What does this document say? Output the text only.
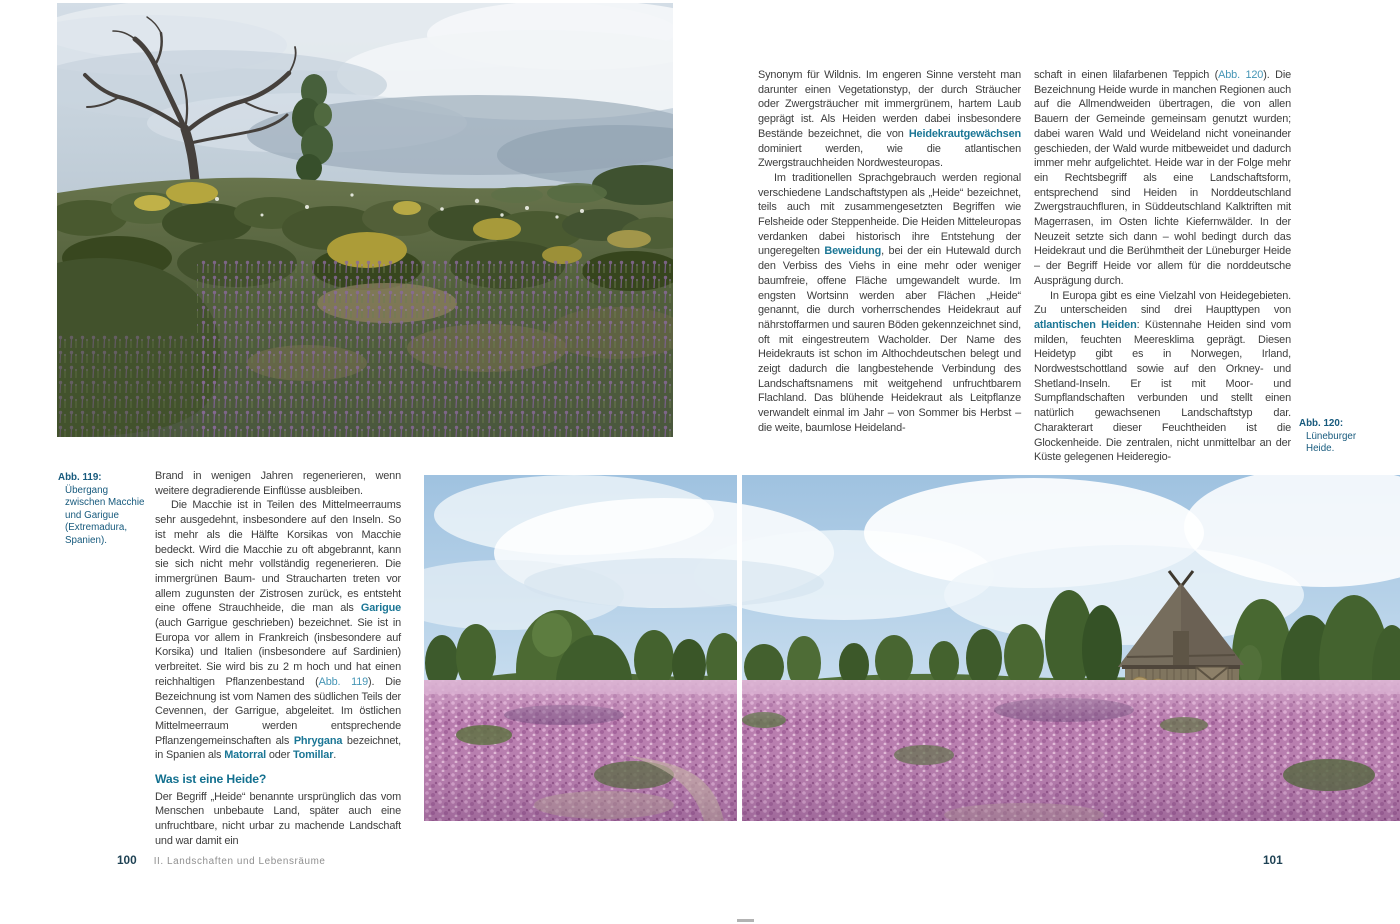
Abb. 119: Übergang zwischen Macchie und Garigue (Extremadura, Spanien).

Brand in wenigen Jahren regenerieren, wenn weitere degradierende Einflüsse ausbleiben.

Die Macchie ist in Teilen des Mittelmeerraums sehr ausgedehnt, insbesondere auf den Inseln. So ist mehr als die Hälfte Korsikas von Macchie bedeckt. Wird die Macchie zu oft abgebrannt, kann sie sich nicht mehr vollständig regenerieren. Die immergrünen Baum- und Straucharten treten vor allem zugunsten der Zistrosen zurück, es entsteht eine offene Strauchheide, die man als Garigue (auch Garrigue geschrieben) bezeichnet. Sie ist in Europa vor allem in Frankreich (insbesondere auf Korsika) und Italien (insbesondere auf Sardinien) verbreitet. Sie wird bis zu 2 m hoch und hat einen reichhaltigen Pflanzenbestand (Abb. 119). Die Bezeichnung ist vom Namen des südlichen Teils der Cevennen, der Garrigue, abgeleitet. Im östlichen Mittelmeerraum werden entsprechende Pflanzengemeinschaften als Phrygana bezeichnet, in Spanien als Matorral oder Tomillar.

Was ist eine Heide?

Der Begriff „Heide“ benannte ursprünglich das vom Menschen unbebaute Land, später auch eine unfruchtbare, nicht urbar zu machende Landschaft und war damit ein

Synonym für Wildnis. Im engeren Sinne versteht man darunter einen Vegetationstyp, der durch Sträucher oder Zwergsträucher mit immergrünem, hartem Laub geprägt ist. Als Heiden werden dabei insbesondere Bestände bezeichnet, die von Heidekrautgewächsen dominiert werden, wie die atlantischen Zwergstrauchheiden Nordwesteuropas.

Im traditionellen Sprachgebrauch werden regional verschiedene Landschaftstypen als „Heide“ bezeichnet, teils auch mit zusammengesetzten Begriffen wie Felsheide oder Steppenheide. Die Heiden Mitteleuropas verdanken dabei historisch ihre Entstehung der ungeregelten Beweidung, bei der ein Hutewald durch den Verbiss des Viehs in eine mehr oder weniger baumfreie, offene Fläche umgewandelt wurde. Im engsten Wortsinn werden aber Flächen „Heide“ genannt, die durch vorherrschendes Heidekraut auf nährstoffarmen und sauren Böden gekennzeichnet sind, oft mit eingestreutem Wacholder. Der Name des Heidekrauts ist schon im Althochdeutschen belegt und zeigt dadurch die langbestehende Verbindung des Landschaftsnamens mit weitgehend unfruchtbarem Flachland. Das blühende Heidekraut als Leitpflanze verwandelt einmal im Jahr – von Sommer bis Herbst – die weite, baumlose Heideland-

schaft in einen lilafarbenen Teppich (Abb. 120). Die Bezeichnung Heide wurde in manchen Regionen auch auf die Allmendweiden übertragen, die von allen Bauern der Gemeinde gemeinsam genutzt wurden; dabei waren Wald und Weideland nicht voneinander geschieden, der Wald wurde mitbeweidet und dadurch immer mehr aufgelichtet. Heide war in der Folge mehr ein Rechtsbegriff als eine Landschaftsform, entsprechend sind Heiden in Norddeutschland Zwergstrauchfluren, in Süddeutschland Kalktriften mit Magerrasen, im Osten lichte Kiefernwälder. In der Neuzeit setzte sich dann – wohl bedingt durch das Heidekraut und die Berühmtheit der Lüneburger Heide – der Begriff Heide vor allem für die norddeutsche Ausprägung durch.

In Europa gibt es eine Vielzahl von Heidegebieten. Zu unterscheiden sind drei Haupttypen von atlantischen Heiden: Küstennahe Heiden sind vom milden, feuchten Meeresklima geprägt. Diesen Heidetyp gibt es in Norwegen, Irland, Nordwestschottland sowie auf den Orkney- und Shetland-Inseln. Er ist mit Moor- und Sumpflandschaften verbunden und stellt einen natürlich gewachsenen Landschaftstyp dar. Charakterart dieser Feuchtheiden ist die Glockenheide. Die zentralen, nicht unmittelbar an der Küste gelegenen Heideregio-

Abb. 120: Lüneburger Heide.
100 II. Landschaften und Lebensräume	101
